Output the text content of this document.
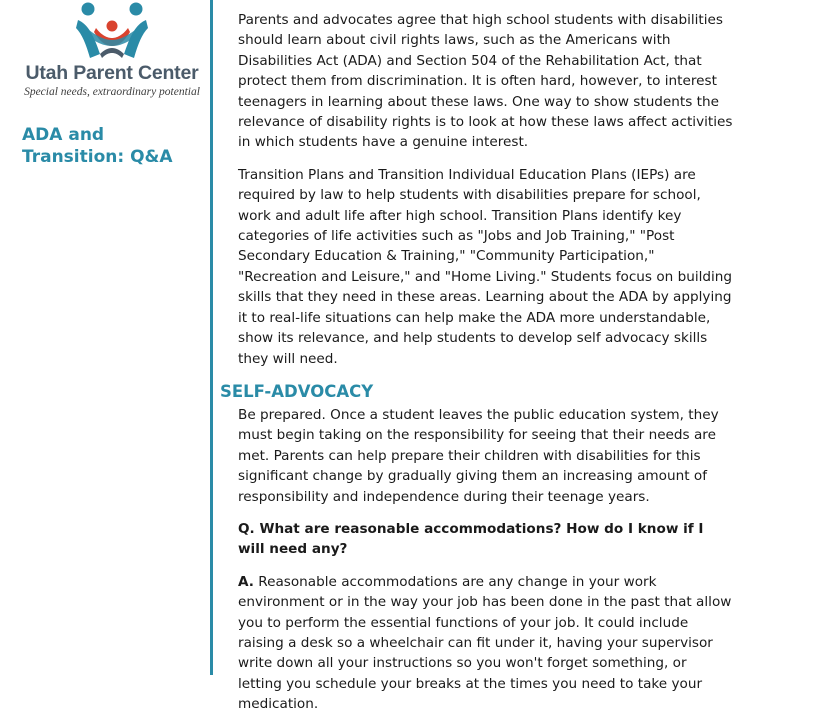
Utah Parent Center
Special needs, extraordinary potential
ADA and Transition: Q&A

Parents and advocates agree that high school students with disabilities should learn about civil rights laws, such as the Americans with Disabilities Act (ADA) and Section 504 of the Rehabilitation Act, that protect them from discrimination. It is often hard, however, to interest teenagers in learning about these laws. One way to show students the relevance of disability rights is to look at how these laws affect activities in which students have a genuine interest.

Transition Plans and Transition Individual Education Plans (IEPs) are required by law to help students with disabilities prepare for school, work and adult life after high school. Transition Plans identify key categories of life activities such as "Jobs and Job Training," "Post Secondary Education & Training," "Community Participation," "Recreation and Leisure," and "Home Living." Students focus on building skills that they need in these areas. Learning about the ADA by applying it to real-life situations can help make the ADA more understandable, show its relevance, and help students to develop self advocacy skills they will need.

SELF-ADVOCACY

Be prepared. Once a student leaves the public education system, they must begin taking on the responsibility for seeing that their needs are met. Parents can help prepare their children with disabilities for this significant change by gradually giving them an increasing amount of responsibility and independence during their teenage years.

Q. What are reasonable accommodations? How do I know if I will need any?

A. Reasonable accommodations are any change in your work environment or in the way your job has been done in the past that allow you to perform the essential functions of your job. It could include raising a desk so a wheelchair can fit under it, having your supervisor write down all your instructions so you won't forget something, or letting you schedule your breaks at the times you need to take your medication.
